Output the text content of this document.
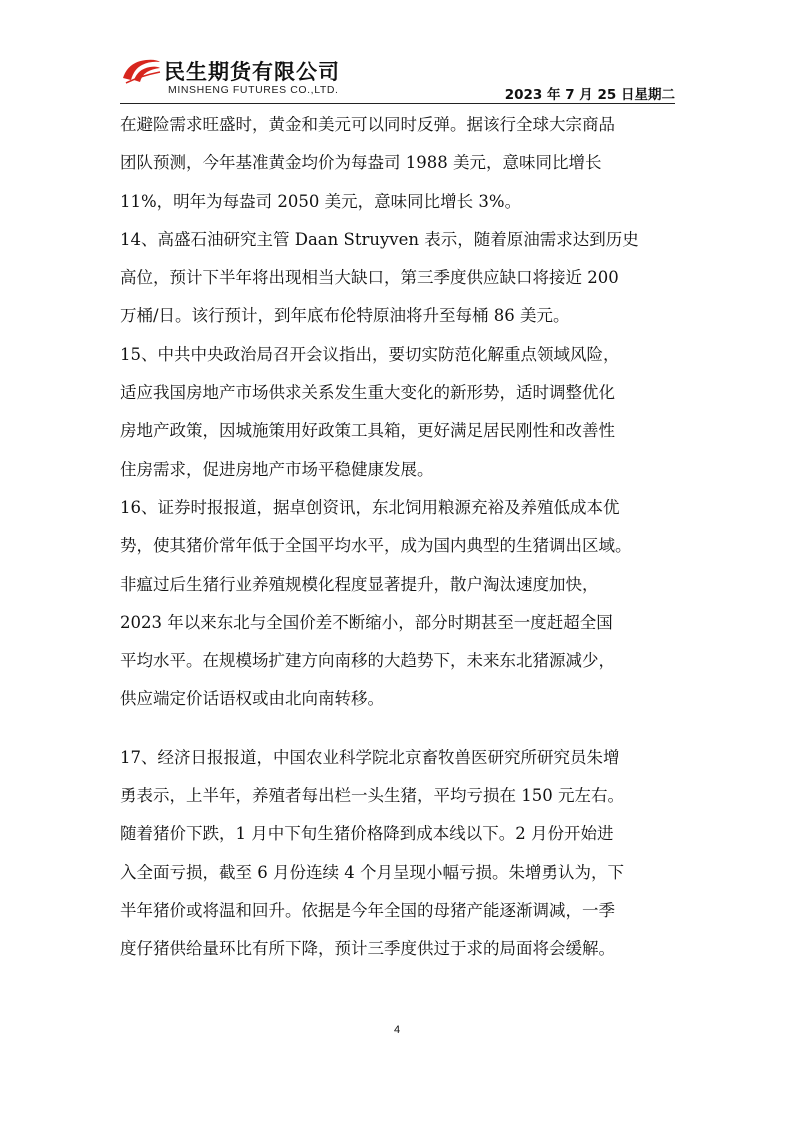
民生期货有限公司
MINSHENG FUTURES CO.,LTD.	2023 年 7 月 25 日星期二

在避险需求旺盛时，黄金和美元可以同时反弹。据该行全球大宗商品
团队预测，今年基准黄金均价为每盎司 1988 美元，意味同比增长
11%，明年为每盎司 2050 美元，意味同比增长 3%。

14、高盛石油研究主管 Daan Struyven 表示，随着原油需求达到历史
高位，预计下半年将出现相当大缺口，第三季度供应缺口将接近 200
万桶/日。该行预计，到年底布伦特原油将升至每桶 86 美元。

15、中共中央政治局召开会议指出，要切实防范化解重点领域风险，
适应我国房地产市场供求关系发生重大变化的新形势，适时调整优化
房地产政策，因城施策用好政策工具箱，更好满足居民刚性和改善性
住房需求，促进房地产市场平稳健康发展。

16、证券时报报道，据卓创资讯，东北饲用粮源充裕及养殖低成本优
势，使其猪价常年低于全国平均水平，成为国内典型的生猪调出区域。
非瘟过后生猪行业养殖规模化程度显著提升，散户淘汰速度加快，
2023 年以来东北与全国价差不断缩小，部分时期甚至一度赶超全国
平均水平。在规模场扩建方向南移的大趋势下，未来东北猪源减少，
供应端定价话语权或由北向南转移。

17、经济日报报道，中国农业科学院北京畜牧兽医研究所研究员朱增
勇表示，上半年，养殖者每出栏一头生猪，平均亏损在 150 元左右。
随着猪价下跌，1 月中下旬生猪价格降到成本线以下。2 月份开始进
入全面亏损，截至 6 月份连续 4 个月呈现小幅亏损。朱增勇认为，下
半年猪价或将温和回升。依据是今年全国的母猪产能逐渐调减，一季
度仔猪供给量环比有所下降，预计三季度供过于求的局面将会缓解。

4
